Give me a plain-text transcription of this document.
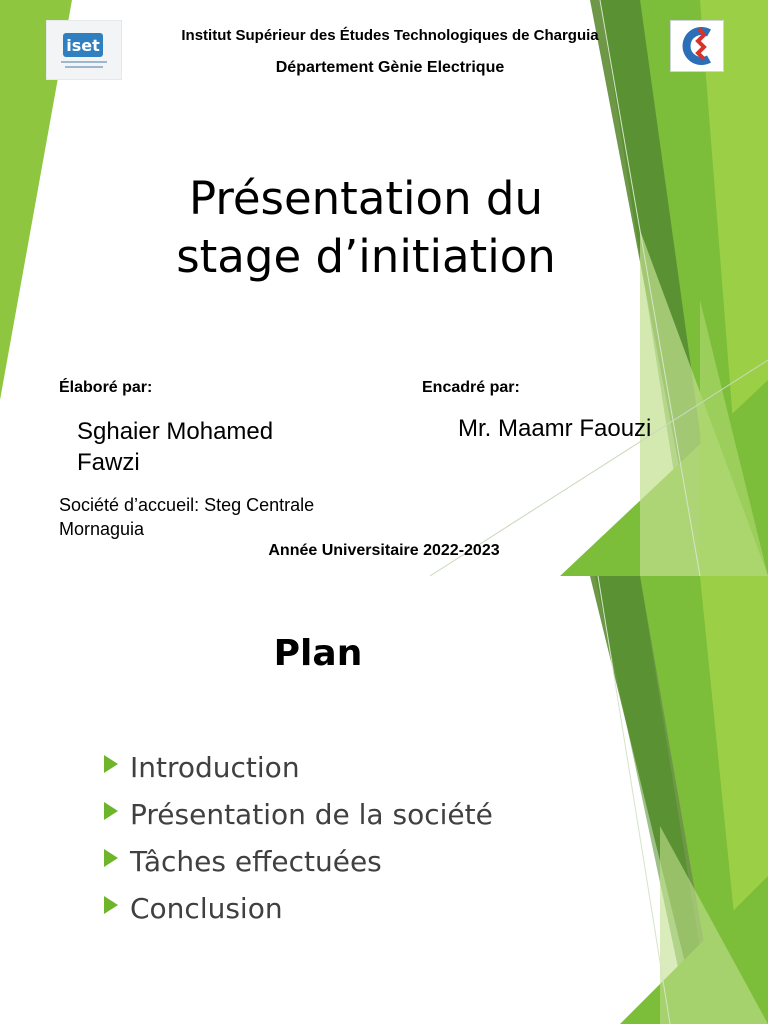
iset
Institut Supérieur des Études Technologiques de Charguia
Département Gènie Electrique
Présentation du
stage d’initiation
Élaboré par:
Sghaier Mohamed
Fawzi
Encadré par:
Mr. Maamr Faouzi
Société d’accueil: Steg Centrale
Mornaguia
Année Universitaire 2022-2023
Plan
Introduction
Présentation de la société
Tâches effectuées
Conclusion
